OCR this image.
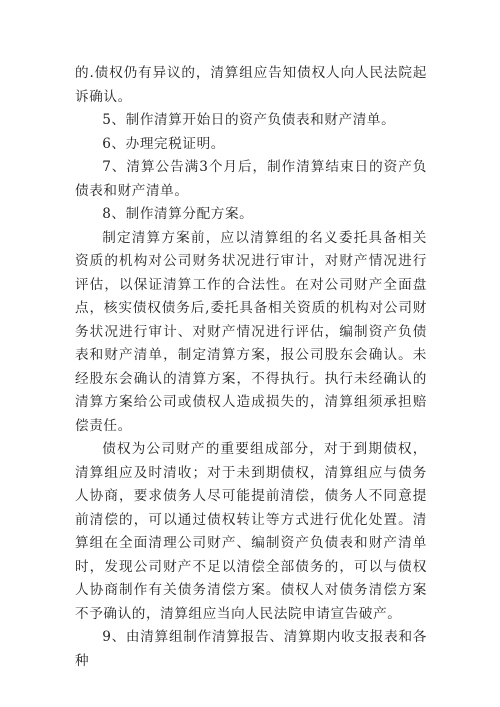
的.债权仍有异议的，清算组应告知债权人向人民法院起诉确认。

5、制作清算开始日的资产负债表和财产清单。

6、办理完税证明。

7、清算公告满3个月后，制作清算结束日的资产负债表和财产清单。

8、制作清算分配方案。

制定清算方案前，应以清算组的名义委托具备相关资质的机构对公司财务状况进行审计，对财产情况进行评估，以保证清算工作的合法性。在对公司财产全面盘点，核实债权债务后,委托具备相关资质的机构对公司财务状况进行审计、对财产情况进行评估，编制资产负债表和财产清单，制定清算方案，报公司股东会确认。未经股东会确认的清算方案，不得执行。执行未经确认的清算方案给公司或债权人造成损失的，清算组须承担赔偿责任。

债权为公司财产的重要组成部分，对于到期债权，清算组应及时清收；对于未到期债权，清算组应与债务人协商，要求债务人尽可能提前清偿，债务人不同意提前清偿的，可以通过债权转让等方式进行优化处置。清算组在全面清理公司财产、编制资产负债表和财产清单时，发现公司财产不足以清偿全部债务的，可以与债权人协商制作有关债务清偿方案。债权人对债务清偿方案不予确认的，清算组应当向人民法院申请宣告破产。

9、由清算组制作清算报告、清算期内收支报表和各种
